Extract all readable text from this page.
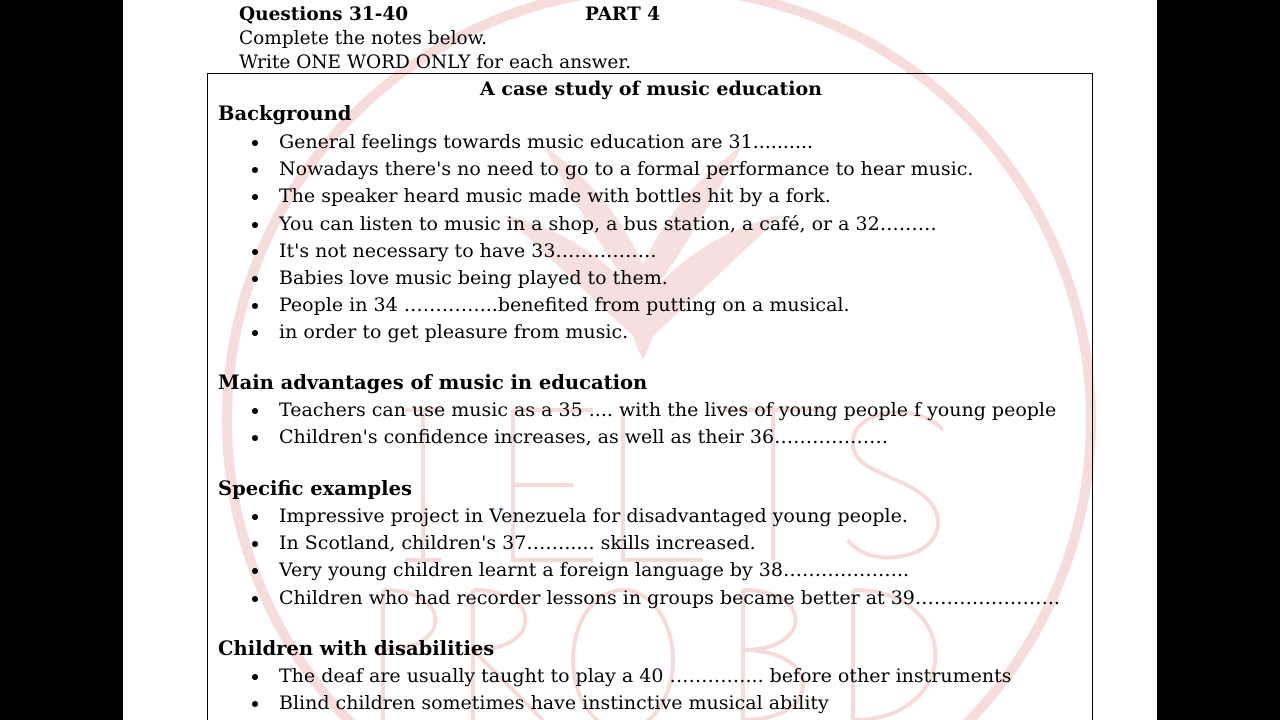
Questions 31-40	PART 4
Complete the notes below.
Write ONE WORD ONLY for each answer.
A case study of music education
Background
General feelings towards music education are 31..........
Nowadays there's no need to go to a formal performance to hear music.
The speaker heard music made with bottles hit by a fork.
You can listen to music in a shop, a bus station, a café, or a 32………
It's not necessary to have 33…………….
Babies love music being played to them.
People in 34 …………...benefited from putting on a musical.
in order to get pleasure from music.
Main advantages of music in education
Teachers can use music as a 35 .... with the lives of young people f young people
Children's confidence increases, as well as their 36………………
Specific examples
Impressive project in Venezuela for disadvantaged young people.
In Scotland, children's 37……..... skills increased.
Very young children learnt a foreign language by 38………………..
Children who had recorder lessons in groups became better at 39…………………..
Children with disabilities
The deaf are usually taught to play a 40 …………... before other instruments
Blind children sometimes have instinctive musical ability
